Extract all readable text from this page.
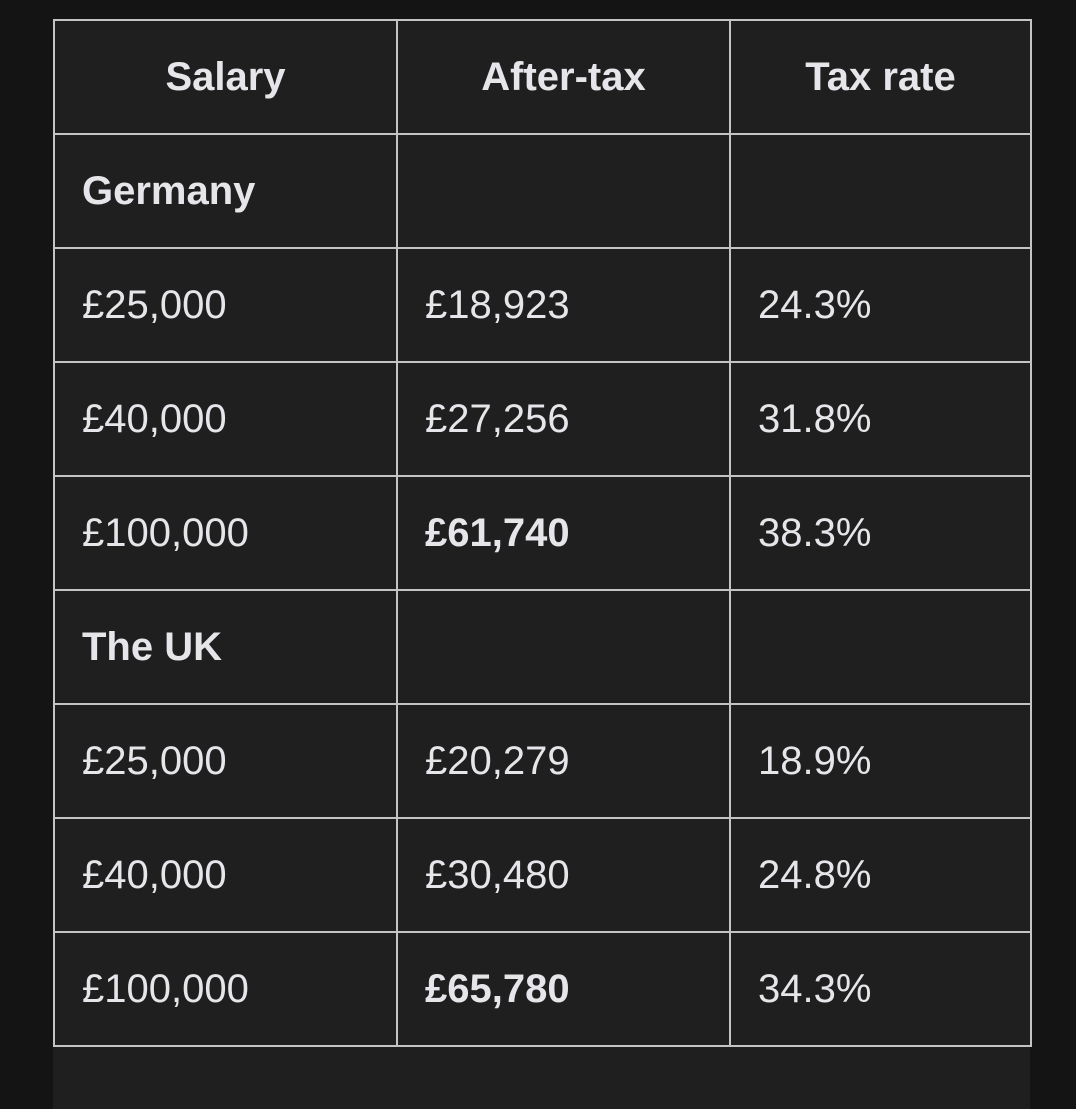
Salary	After-tax	Tax rate
Germany		
£25,000	£18,923	24.3%
£40,000	£27,256	31.8%
£100,000	£61,740	38.3%
The UK		
£25,000	£20,279	18.9%
£40,000	£30,480	24.8%
£100,000	£65,780	34.3%
